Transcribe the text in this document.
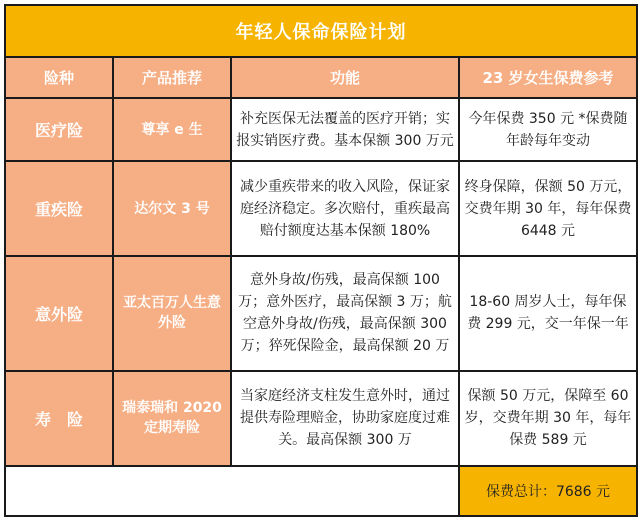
年轻人保命保险计划			
险种	产品推荐	功能	23 岁女生保费参考
医疗险	尊享 e 生	补充医保无法覆盖的医疗开销；实报实销医疗费。基本保额 300 万元	今年保费 350 元 *保费随年龄每年变动
重疾险	达尔文 3 号	减少重疾带来的收入风险，保证家庭经济稳定。多次赔付，重疾最高赔付额度达基本保额 180%	终身保障，保额 50 万元，交费年期 30 年，每年保费 6448 元
意外险	亚太百万人生意外险	意外身故/伤残，最高保额 100 万；意外医疗，最高保额 3 万；航空意外身故/伤残，最高保额 300 万；猝死保险金，最高保额 20 万	18-60 周岁人士，每年保费 299 元，交一年保一年
寿　险	瑞泰瑞和 2020 定期寿险	当家庭经济支柱发生意外时，通过提供寿险理赔金，协助家庭度过难关。最高保额 300 万	保额 50 万元，保障至 60 岁，交费年期 30 年，每年保费 589 元
			保费总计：7686 元
